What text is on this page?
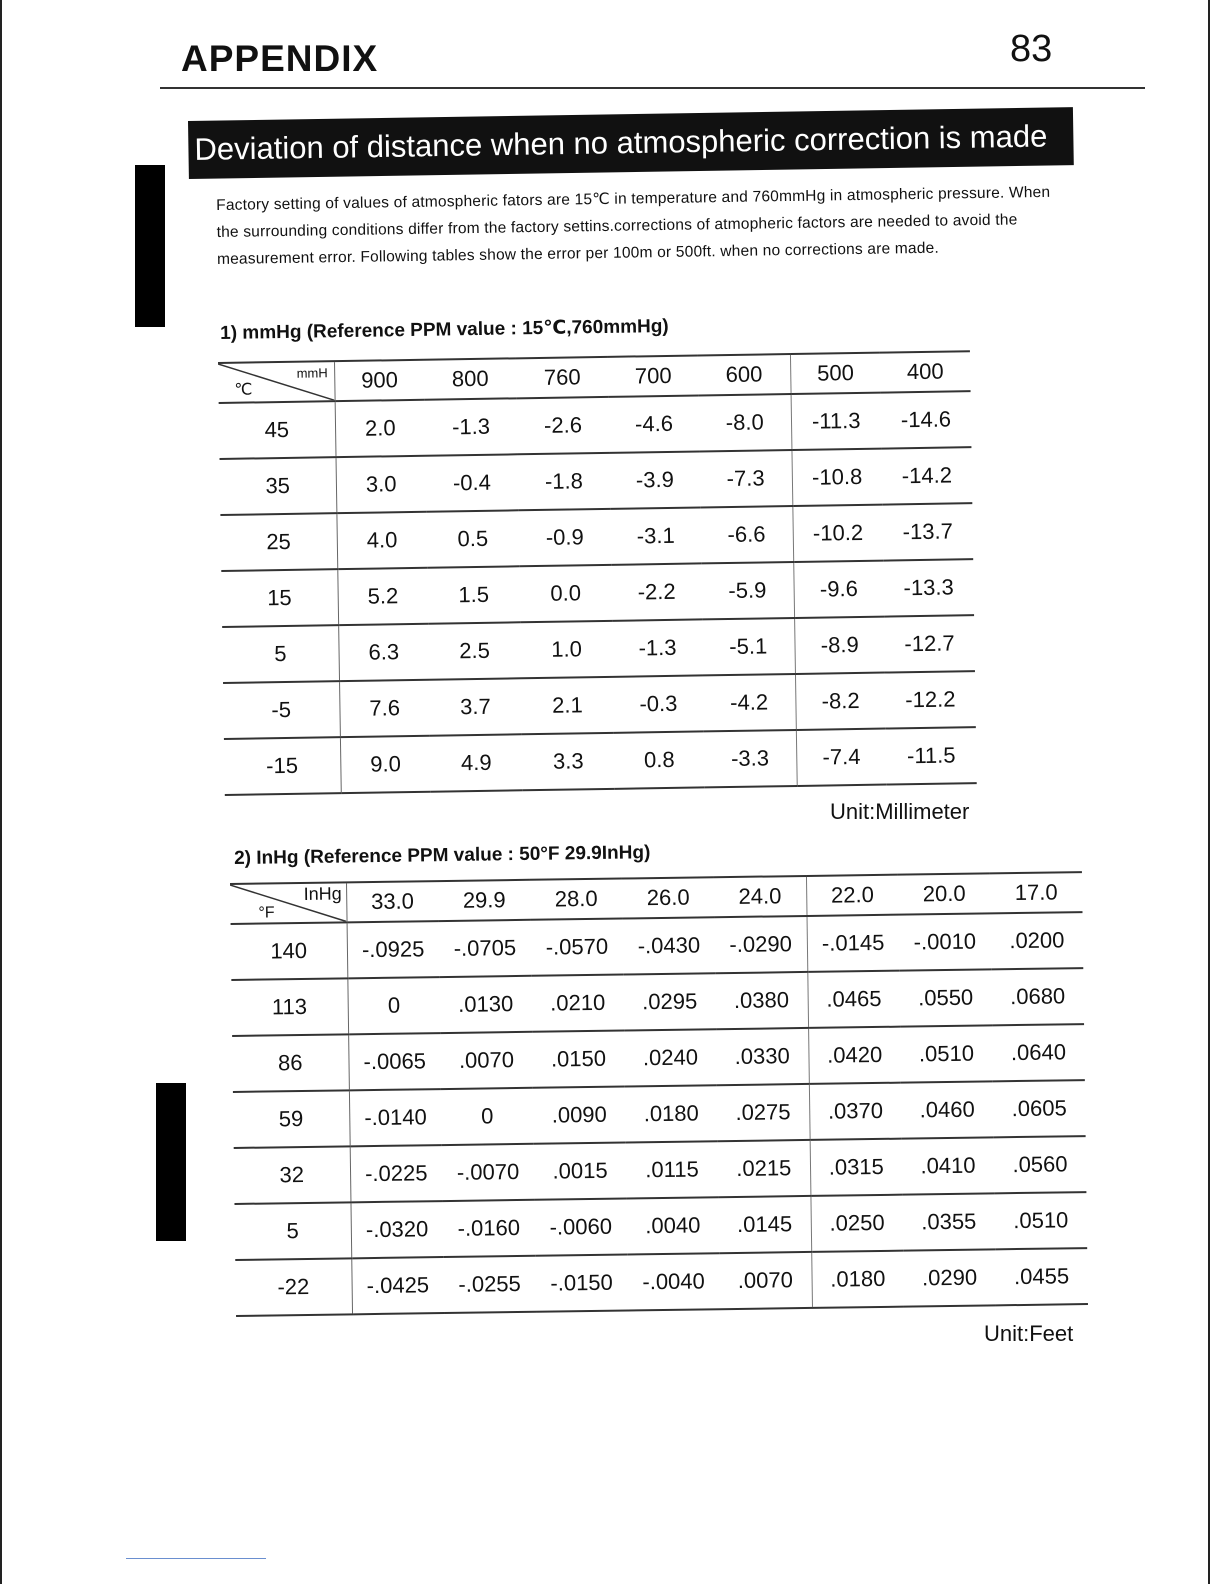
APPENDIX	83
Deviation of distance when no atmospheric correction is made
Factory setting of values of atmospheric fators are 15℃ in temperature and 760mmHg in atmospheric pressure. When the surrounding conditions differ from the factory settins.corrections of atmopheric factors are needed to avoid the measurement error. Following tables show the error per 100m or 500ft. when no corrections are made.
1) mmHg (Reference PPM value : 15℃,760mmHg)
mmH
℃	900	800	760	700	600	500	400
45	2.0	-1.3	-2.6	-4.6	-8.0	-11.3	-14.6
35	3.0	-0.4	-1.8	-3.9	-7.3	-10.8	-14.2
25	4.0	0.5	-0.9	-3.1	-6.6	-10.2	-13.7
15	5.2	1.5	0.0	-2.2	-5.9	-9.6	-13.3
5	6.3	2.5	1.0	-1.3	-5.1	-8.9	-12.7
-5	7.6	3.7	2.1	-0.3	-4.2	-8.2	-12.2
-15	9.0	4.9	3.3	0.8	-3.3	-7.4	-11.5
Unit:Millimeter
2) InHg (Reference PPM value : 50°F 29.9InHg)
InHg
°F	33.0	29.9	28.0	26.0	24.0	22.0	20.0	17.0
140	-.0925	-.0705	-.0570	-.0430	-.0290	-.0145	-.0010	.0200
113	0	.0130	.0210	.0295	.0380	.0465	.0550	.0680
86	-.0065	.0070	.0150	.0240	.0330	.0420	.0510	.0640
59	-.0140	0	.0090	.0180	.0275	.0370	.0460	.0605
32	-.0225	-.0070	.0015	.0115	.0215	.0315	.0410	.0560
5	-.0320	-.0160	-.0060	.0040	.0145	.0250	.0355	.0510
-22	-.0425	-.0255	-.0150	-.0040	.0070	.0180	.0290	.0455
Unit:Feet
